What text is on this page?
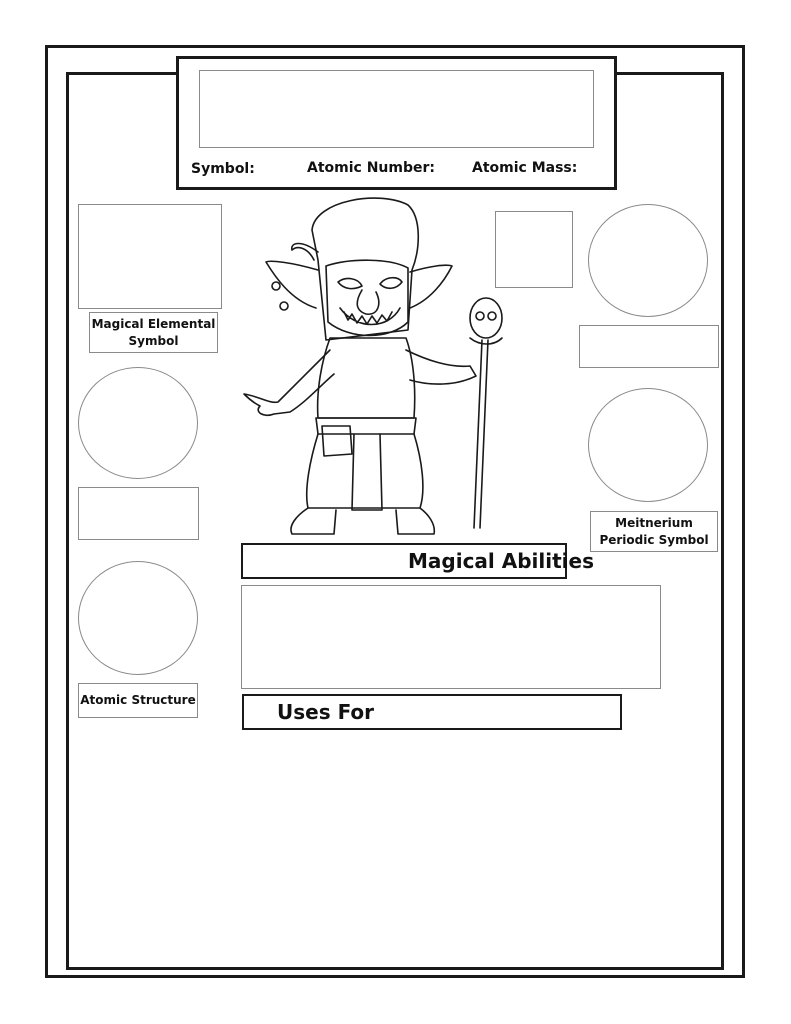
Symbol:	Atomic Number:	Atomic Mass:
Magical Elemental Symbol
Atomic Structure
Meitnerium Periodic Symbol
Magical Abilities
Uses For
